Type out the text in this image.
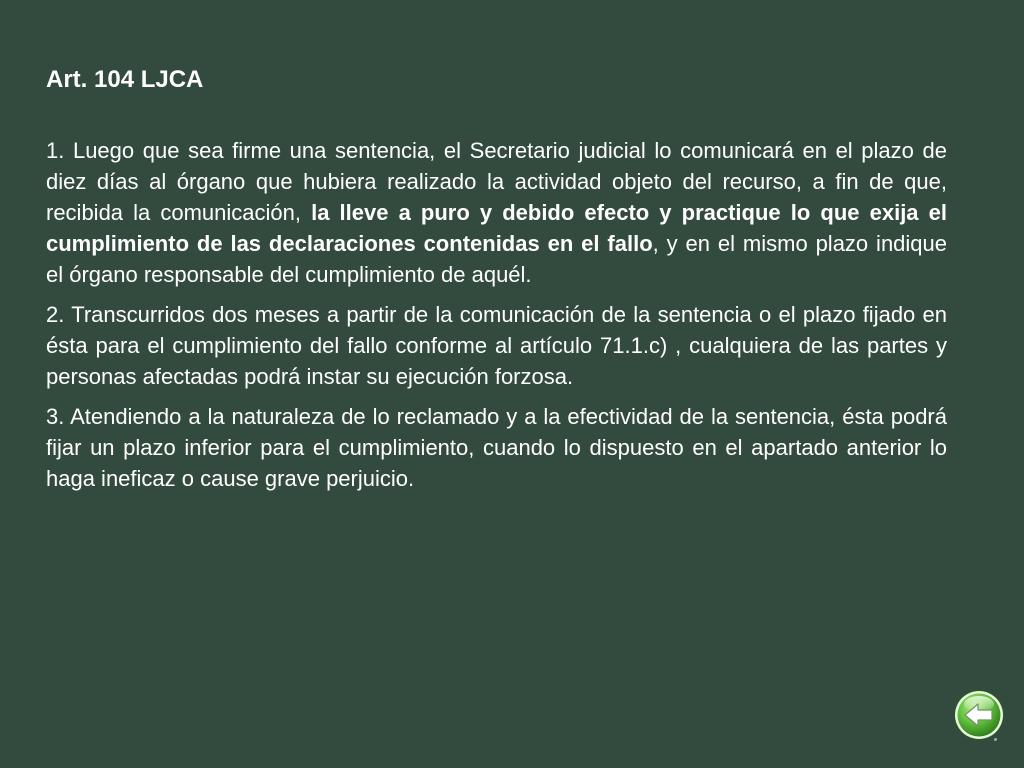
Art. 104 LJCA

1. Luego que sea firme una sentencia, el Secretario judicial lo comunicará en el plazo de diez días al órgano que hubiera realizado la actividad objeto del recurso, a fin de que, recibida la comunicación, la lleve a puro y debido efecto y practique lo que exija el cumplimiento de las declaraciones contenidas en el fallo, y en el mismo plazo indique el órgano responsable del cumplimiento de aquél.

2. Transcurridos dos meses a partir de la comunicación de la sentencia o el plazo fijado en ésta para el cumplimiento del fallo conforme al artículo 71.1.c) , cualquiera de las partes y personas afectadas podrá instar su ejecución forzosa.

3. Atendiendo a la naturaleza de lo reclamado y a la efectividad de la sentencia, ésta podrá fijar un plazo inferior para el cumplimiento, cuando lo dispuesto en el apartado anterior lo haga ineficaz o cause grave perjuicio.
